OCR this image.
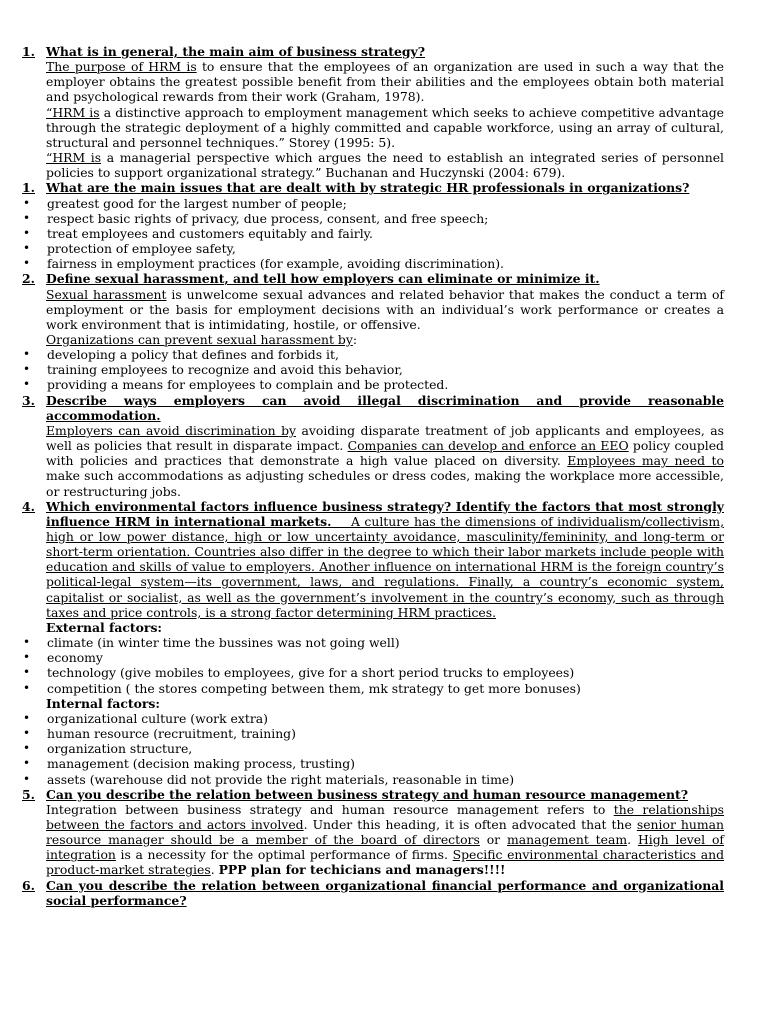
1. What is in general, the main aim of business strategy?
The purpose of HRM is to ensure that the employees of an organization are used in such a way that the employer obtains the greatest possible benefit from their abilities and the employees obtain both material and psychological rewards from their work (Graham, 1978).
“HRM is a distinctive approach to employment management which seeks to achieve competitive advantage through the strategic deployment of a highly committed and capable workforce, using an array of cultural, structural and personnel techniques.” Storey (1995: 5).
“HRM is a managerial perspective which argues the need to establish an integrated series of personnel policies to support organizational strategy.” Buchanan and Huczynski (2004: 679).
1. What are the main issues that are dealt with by strategic HR professionals in organizations?
•	greatest good for the largest number of people;
•	respect basic rights of privacy, due process, consent, and free speech;
•	treat employees and customers equitably and fairly.
•	protection of employee safety,
•	fairness in employment practices (for example, avoiding discrimination).
2. Define sexual harassment, and tell how employers can eliminate or minimize it.
Sexual harassment is unwelcome sexual advances and related behavior that makes the conduct a term of employment or the basis for employment decisions with an individual’s work performance or creates a work environment that is intimidating, hostile, or offensive.
Organizations can prevent sexual harassment by:
•	developing a policy that defines and forbids it,
•	training employees to recognize and avoid this behavior,
•	providing a means for employees to complain and be protected.
3. Describe ways employers can avoid illegal discrimination and provide reasonable accommodation.
Employers can avoid discrimination by avoiding disparate treatment of job applicants and employees, as well as policies that result in disparate impact. Companies can develop and enforce an EEO policy coupled with policies and practices that demonstrate a high value placed on diversity. Employees may need to make such accommodations as adjusting schedules or dress codes, making the workplace more accessible, or restructuring jobs.
4. Which environmental factors influence business strategy? Identify the factors that most strongly influence HRM in international markets. A culture has the dimensions of individualism/collectivism, high or low power distance, high or low uncertainty avoidance, masculinity/femininity, and long-term or short-term orientation. Countries also differ in the degree to which their labor markets include people with education and skills of value to employers. Another influence on international HRM is the foreign country’s political-legal system—its government, laws, and regulations. Finally, a country’s economic system, capitalist or socialist, as well as the government’s involvement in the country’s economy, such as through taxes and price controls, is a strong factor determining HRM practices.
External factors:
•	climate (in winter time the bussines was not going well)
•	economy
•	technology (give mobiles to employees, give for a short period trucks to employees)
•	competition ( the stores competing between them, mk strategy to get more bonuses)
Internal factors:
•	organizational culture (work extra)
•	human resource (recruitment, training)
•	organization structure,
•	management (decision making process, trusting)
•	assets (warehouse did not provide the right materials, reasonable in time)
5. Can you describe the relation between business strategy and human resource management?
Integration between business strategy and human resource management refers to the relationships between the factors and actors involved. Under this heading, it is often advocated that the senior human resource manager should be a member of the board of directors or management team. High level of integration is a necessity for the optimal performance of firms. Specific environmental characteristics and product-market strategies. PPP plan for techicians and managers!!!!
6. Can you describe the relation between organizational financial performance and organizational social performance?
